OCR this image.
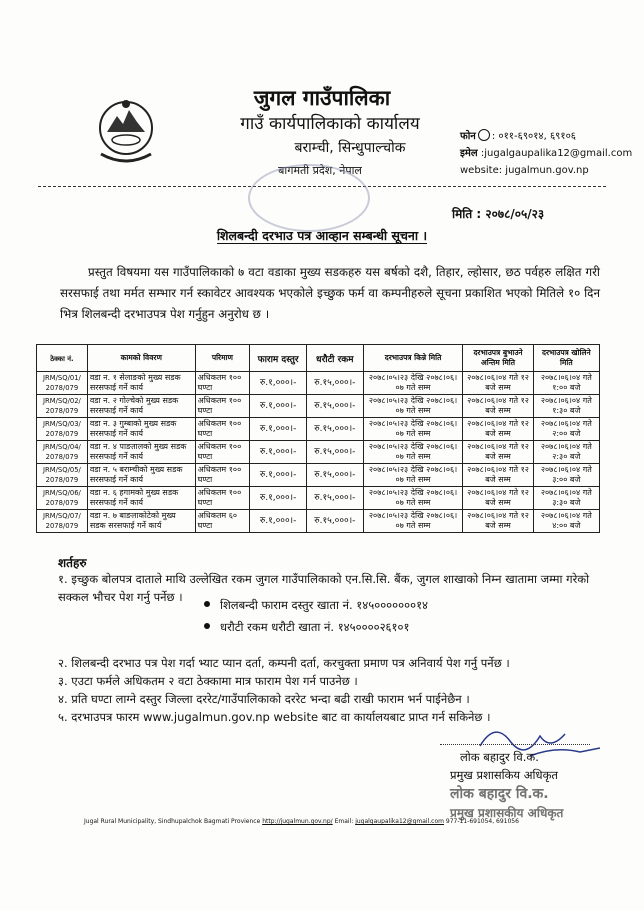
जुगल गाउँपालिका
गाउँ कार्यपालिकाको कार्यालय
बराम्ची, सिन्धुपाल्चोक
बागमती प्रदेश, नेपाल
फोन : ०११-६९०१४, ६९१०६
इमेल :jugalgaupalika12@gmail.com
website: jugalmun.gov.np
मिति : २०७८/०५/२३
शिलबन्दी दरभाउ पत्र आव्हान सम्बन्धी सूचना ।
प्रस्तुत विषयमा यस गाउँपालिकाको ७ वटा वडाका मुख्य सडकहरु यस बर्षको दशै, तिहार, ल्होसार, छठ पर्वहरु लक्षित गरी सरसफाई तथा मर्मत सम्भार गर्न स्कावेटर आवश्यक भएकोले इच्छुक फर्म वा कम्पनीहरुले सूचना प्रकाशित भएको मितिले १० दिन भित्र शिलबन्दी दरभाउपत्र पेश गर्नुहुन अनुरोध छ ।
ठेक्का नं.	कामको विवरण	परिमाण	फाराम दस्तुर	धरौटी रकम	दरभाउपत्र किन्ने मिति	दरभाउपत्र बुभाउने अन्तिम मिति	दरभाउपत्र खोलिने मिति
JRM/SQ/01/ 2078/079	वडा न. १ सेलाङको मुख्य सडक सरसफाई गर्ने कार्य	अधिकतम १०० घण्टा	रु.१,०००।-	रु.१५,०००।-	२०७८।०५।२३ देखि २०७८।०६।०७ गते सम्म	२०७८।०६।०४ गते १२ बजे सम्म	२०७८।०६।०४ गते १:०० बजे
JRM/SQ/02/ 2078/079	वडा न. २ गोल्चेको मुख्य सडक सरसफाई गर्ने कार्य	अधिकतम १०० घण्टा	रु.१,०००।-	रु.१५,०००।-	२०७८।०५।२३ देखि २०७८।०६।०७ गते सम्म	२०७८।०६।०४ गते १२ बजे सम्म	२०७८।०६।०४ गते १:३० बजे
JRM/SQ/03/ 2078/079	वडा न. ३ गुम्बाको मुख्य सडक सरसफाई गर्ने कार्य	अधिकतम १०० घण्टा	रु.१,०००।-	रु.१५,०००।-	२०७८।०५।२३ देखि २०७८।०६।०७ गते सम्म	२०७८।०६।०४ गते १२ बजे सम्म	२०७८।०६।०४ गते २:०० बजे
JRM/SQ/04/ 2078/079	वडा न. ४ पाङतालको मुख्य सडक सरसफाई गर्ने कार्य	अधिकतम १०० घण्टा	रु.१,०००।-	रु.१५,०००।-	२०७८।०५।२३ देखि २०७८।०६।०७ गते सम्म	२०७८।०६।०४ गते १२ बजे सम्म	२०७८।०६।०४ गते २:३० बजे
JRM/SQ/05/ 2078/079	वडा न. ५ बराम्चीको मुख्य सडक सरसफाई गर्ने कार्य	अधिकतम १०० घण्टा	रु.१,०००।-	रु.१५,०००।-	२०७८।०५।२३ देखि २०७८।०६।०७ गते सम्म	२०७८।०६।०४ गते १२ बजे सम्म	२०७८।०६।०४ गते ३:०० बजे
JRM/SQ/06/ 2078/079	वडा न. ६ हगामको मुख्य सडक सरसफाई गर्ने कार्य	अधिकतम १०० घण्टा	रु.१,०००।-	रु.१५,०००।-	२०७८।०५।२३ देखि २०७८।०६।०७ गते सम्म	२०७८।०६।०४ गते १२ बजे सम्म	२०७८।०६।०४ गते ३:३० बजे
JRM/SQ/07/ 2078/079	वडा न. ७ बाङलाकोटेको मुख्य सडक सरसफाई गर्ने कार्य	अधिकतम ६० घण्टा	रु.१,०००।-	रु.१५,०००।-	२०७८।०५।२३ देखि २०७८।०६।०७ गते सम्म	२०७८।०६।०४ गते १२ बजे सम्म	२०७८।०६।०४ गते ४:०० बजे
शर्तहरु
१. इच्छुक बोलपत्र दाताले माथि उल्लेखित रकम जुगल गाउँपालिकाको एन.सि.सि. बैंक, जुगल शाखाको निम्न खातामा जम्मा गरेको सक्कल भौचर पेश गर्नु पर्नेछ ।
शिलबन्दी फाराम दस्तुर खाता नं. १४५०००००००१४
धरौटी रकम धरौटी खाता नं. १४५००००२६१०१
२. शिलबन्दी दरभाउ पत्र पेश गर्दा भ्याट प्यान दर्ता, कम्पनी दर्ता, करचुक्ता प्रमाण पत्र अनिवार्य पेश गर्नु पर्नेछ ।
३. एउटा फर्मले अधिकतम २ वटा ठेक्कामा मात्र फाराम पेश गर्न पाउनेछ ।
४. प्रति घण्टा लाग्ने दस्तुर जिल्ला दररेट/गाउँपालिकाको दररेट भन्दा बढी राखी फाराम भर्न पाईनेछैन ।
५. दरभाउपत्र फारम www.jugalmun.gov.np website बाट वा कार्यालयबाट प्राप्त गर्न सकिनेछ ।
लोक बहादुर वि.क.
प्रमुख प्रशासकिय अधिकृत
लोक बहादुर वि.क.
प्रमुख प्रशासकीय अधिकृत
Jugal Rural Municipality, Sindhupalchok Bagmati Provience http://jugalmun.gov.np/ Email: jugalgaupalika12@gmail.com 977-11-691054, 691056
